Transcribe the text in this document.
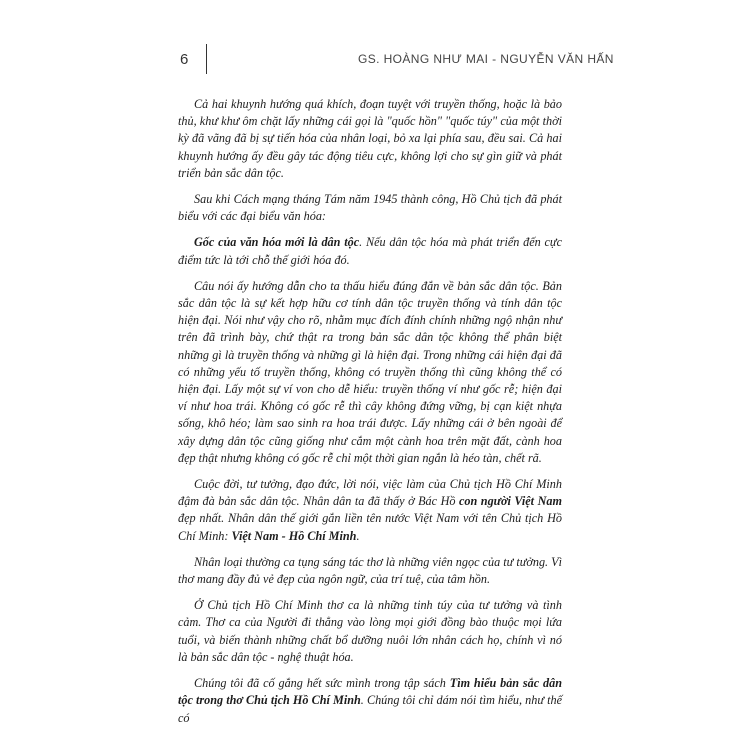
6	GS. HOÀNG NHƯ MAI - NGUYỄN VĂN HẤN

Cả hai khuynh hướng quá khích, đoạn tuyệt với truyền thống, hoặc là bảo thủ, khư khư ôm chặt lấy những cái gọi là "quốc hồn" "quốc túy" của một thời kỳ đã vãng đã bị sự tiến hóa của nhân loại, bỏ xa lại phía sau, đều sai. Cả hai khuynh hướng ấy đều gây tác động tiêu cực, không lợi cho sự gìn giữ và phát triển bản sắc dân tộc.

Sau khi Cách mạng tháng Tám năm 1945 thành công, Hồ Chủ tịch đã phát biểu với các đại biểu văn hóa:

Gốc của văn hóa mới là dân tộc. Nếu dân tộc hóa mà phát triển đến cực điểm tức là tới chỗ thế giới hóa đó.

Câu nói ấy hướng dẫn cho ta thấu hiểu đúng đắn về bản sắc dân tộc. Bản sắc dân tộc là sự kết hợp hữu cơ tính dân tộc truyền thống và tính dân tộc hiện đại. Nói như vậy cho rõ, nhằm mục đích đính chính những ngộ nhận như trên đã trình bày, chứ thật ra trong bản sắc dân tộc không thể phân biệt những gì là truyền thống và những gì là hiện đại. Trong những cái hiện đại đã có những yếu tố truyền thống, không có truyền thống thì cũng không thể có hiện đại. Lấy một sự ví von cho dễ hiểu: truyền thống ví như gốc rễ; hiện đại ví như hoa trái. Không có gốc rễ thì cây không đứng vững, bị cạn kiệt nhựa sống, khô héo; làm sao sinh ra hoa trái được. Lấy những cái ở bên ngoài để xây dựng dân tộc cũng giống như cắm một cành hoa trên mặt đất, cành hoa đẹp thật nhưng không có gốc rễ chỉ một thời gian ngắn là héo tàn, chết rã.

Cuộc đời, tư tưởng, đạo đức, lời nói, việc làm của Chủ tịch Hồ Chí Minh đậm đà bản sắc dân tộc. Nhân dân ta đã thấy ở Bác Hồ con người Việt Nam đẹp nhất. Nhân dân thế giới gắn liền tên nước Việt Nam với tên Chủ tịch Hồ Chí Minh: Việt Nam - Hồ Chí Minh.

Nhân loại thường ca tụng sáng tác thơ là những viên ngọc của tư tưởng. Vì thơ mang đầy đủ vẻ đẹp của ngôn ngữ, của trí tuệ, của tâm hồn.

Ở Chủ tịch Hồ Chí Minh thơ ca là những tinh túy của tư tưởng và tình cảm. Thơ ca của Người đi thẳng vào lòng mọi giới đồng bào thuộc mọi lứa tuổi, và biến thành những chất bổ dưỡng nuôi lớn nhân cách họ, chính vì nó là bản sắc dân tộc - nghệ thuật hóa.

Chúng tôi đã cố gắng hết sức mình trong tập sách Tìm hiểu bản sắc dân tộc trong thơ Chủ tịch Hồ Chí Minh. Chúng tôi chỉ dám nói tìm hiểu, như thế có
